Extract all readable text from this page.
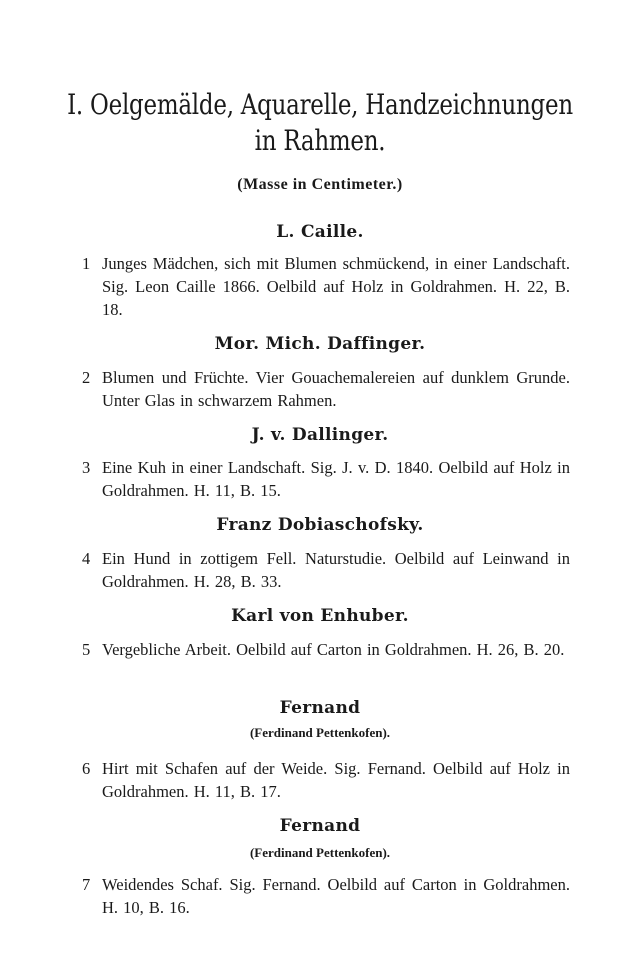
I. Oelgemälde, Aquarelle, Handzeichnungen
in Rahmen.
(Masse in Centimeter.)
L. Caille.
1 Junges Mädchen, sich mit Blumen schmückend, in einer Landschaft. Sig. Leon Caille 1866. Oelbild auf Holz in Goldrahmen. H. 22, B. 18.
Mor. Mich. Daffinger.
2 Blumen und Früchte. Vier Gouachemalereien auf dunklem Grunde. Unter Glas in schwarzem Rahmen.
J. v. Dallinger.
3 Eine Kuh in einer Landschaft. Sig. J. v. D. 1840. Oelbild auf Holz in Goldrahmen. H. 11, B. 15.
Franz Dobiaschofsky.
4 Ein Hund in zottigem Fell. Naturstudie. Oelbild auf Leinwand in Goldrahmen. H. 28, B. 33.
Karl von Enhuber.
5 Vergebliche Arbeit. Oelbild auf Carton in Goldrahmen. H. 26, B. 20.
Fernand
(Ferdinand Pettenkofen).
6 Hirt mit Schafen auf der Weide. Sig. Fernand. Oelbild auf Holz in Goldrahmen. H. 11, B. 17.
Fernand
(Ferdinand Pettenkofen).
7 Weidendes Schaf. Sig. Fernand. Oelbild auf Carton in Goldrahmen. H. 10, B. 16.
